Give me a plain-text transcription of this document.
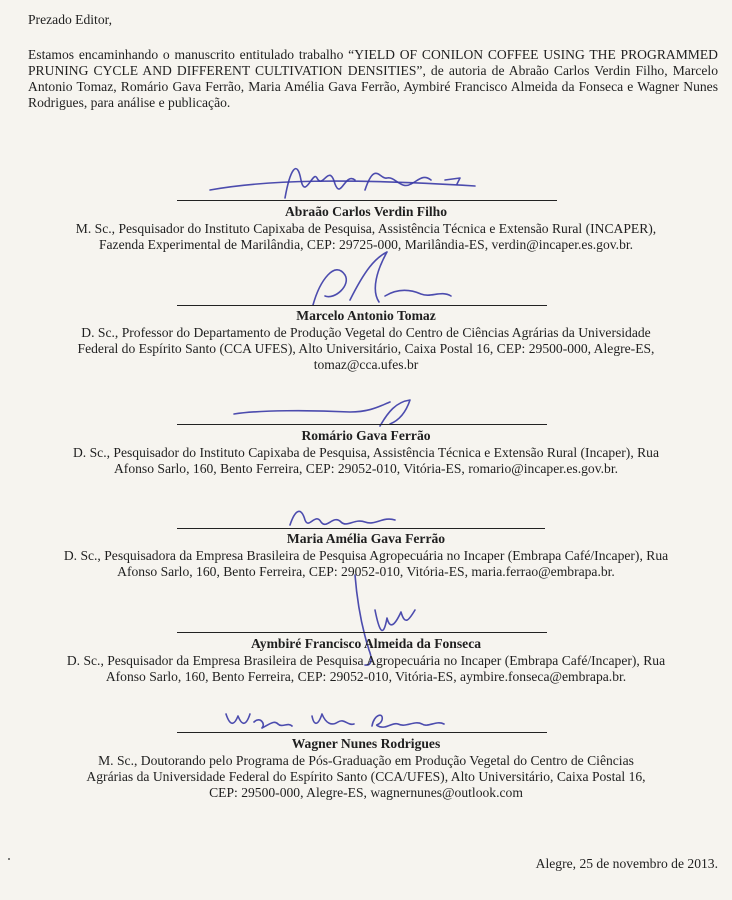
Prezado Editor,
Estamos encaminhando o manuscrito entitulado trabalho “YIELD OF CONILON COFFEE USING THE PROGRAMMED PRUNING CYCLE AND DIFFERENT CULTIVATION DENSITIES”, de autoria de Abraão Carlos Verdin Filho, Marcelo Antonio Tomaz, Romário Gava Ferrão, Maria Amélia Gava Ferrão, Aymbiré Francisco Almeida da Fonseca e Wagner Nunes Rodrigues, para análise e publicação.
Abraão Carlos Verdin Filho
M. Sc., Pesquisador do Instituto Capixaba de Pesquisa, Assistência Técnica e Extensão Rural (INCAPER),
Fazenda Experimental de Marilândia, CEP: 29725-000, Marilândia-ES, verdin@incaper.es.gov.br.
Marcelo Antonio Tomaz
D. Sc., Professor do Departamento de Produção Vegetal do Centro de Ciências Agrárias da Universidade
Federal do Espírito Santo (CCA UFES), Alto Universitário, Caixa Postal 16, CEP: 29500-000, Alegre-ES,
tomaz@cca.ufes.br
Romário Gava Ferrão
D. Sc., Pesquisador do Instituto Capixaba de Pesquisa, Assistência Técnica e Extensão Rural (Incaper), Rua
Afonso Sarlo, 160, Bento Ferreira, CEP: 29052-010, Vitória-ES, romario@incaper.es.gov.br.
Maria Amélia Gava Ferrão
D. Sc., Pesquisadora da Empresa Brasileira de Pesquisa Agropecuária no Incaper (Embrapa Café/Incaper), Rua
Afonso Sarlo, 160, Bento Ferreira, CEP: 29052-010, Vitória-ES, maria.ferrao@embrapa.br.
Aymbiré Francisco Almeida da Fonseca
D. Sc., Pesquisador da Empresa Brasileira de Pesquisa Agropecuária no Incaper (Embrapa Café/Incaper), Rua
Afonso Sarlo, 160, Bento Ferreira, CEP: 29052-010, Vitória-ES, aymbire.fonseca@embrapa.br.
Wagner Nunes Rodrigues
M. Sc., Doutorando pelo Programa de Pós-Graduação em Produção Vegetal do Centro de Ciências
Agrárias da Universidade Federal do Espírito Santo (CCA/UFES), Alto Universitário, Caixa Postal 16,
CEP: 29500-000, Alegre-ES, wagnernunes@outlook.com
Alegre, 25 de novembro de 2013.
